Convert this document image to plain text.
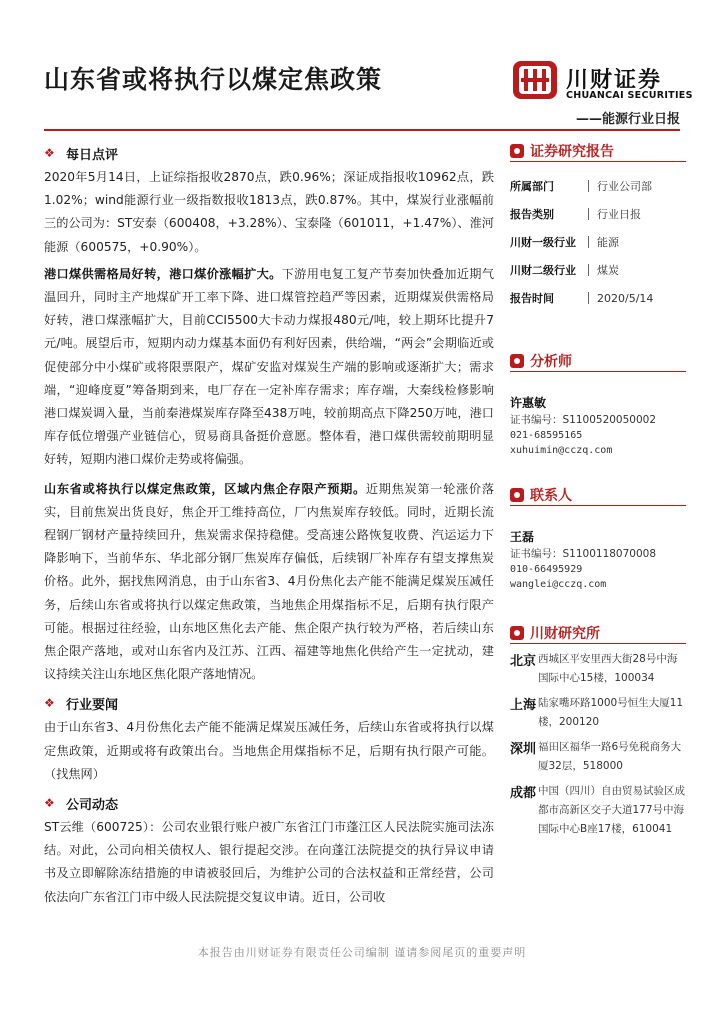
山东省或将执行以煤定焦政策	川财证券
CHUANCAI SECURITIES
——能源行业日报
❖ 每日点评

2020年5月14日，上证综指报收2870点，跌0.96%；深证成指报收10962点，跌1.02%；wind能源行业一级指数报收1813点，跌0.87%。其中，煤炭行业涨幅前三的公司为：ST安泰（600408，+3.28%）、宝泰隆（601011，+1.47%）、淮河能源（600575，+0.90%）。

港口煤供需格局好转，港口煤价涨幅扩大。下游用电复工复产节奏加快叠加近期气温回升，同时主产地煤矿开工率下降、进口煤管控趋严等因素，近期煤炭供需格局好转，港口煤涨幅扩大，目前CCI5500大卡动力煤报480元/吨，较上期环比提升7元/吨。展望后市，短期内动力煤基本面仍有利好因素，供给端，“两会”会期临近或促使部分中小煤矿或将限票限产，煤矿安监对煤炭生产端的影响或逐渐扩大；需求端，“迎峰度夏”筹备期到来，电厂存在一定补库存需求；库存端，大秦线检修影响港口煤炭调入量，当前秦港煤炭库存降至438万吨，较前期高点下降250万吨，港口库存低位增强产业链信心，贸易商具备挺价意愿。整体看，港口煤供需较前期明显好转，短期内港口煤价走势或将偏强。

山东省或将执行以煤定焦政策，区域内焦企存限产预期。近期焦炭第一轮涨价落实，目前焦炭出货良好，焦企开工维持高位，厂内焦炭库存较低。同时，近期长流程钢厂钢材产量持续回升，焦炭需求保持稳健。受高速公路恢复收费、汽运运力下降影响下，当前华东、华北部分钢厂焦炭库存偏低，后续钢厂补库存有望支撑焦炭价格。此外，据找焦网消息，由于山东省3、4月份焦化去产能不能满足煤炭压减任务，后续山东省或将执行以煤定焦政策，当地焦企用煤指标不足，后期有执行限产可能。根据过往经验，山东地区焦化去产能、焦企限产执行较为严格，若后续山东焦企限产落地，或对山东省内及江苏、江西、福建等地焦化供给产生一定扰动，建议持续关注山东地区焦化限产落地情况。

❖ 行业要闻

由于山东省3、4月份焦化去产能不能满足煤炭压减任务，后续山东省或将执行以煤定焦政策，近期或将有政策出台。当地焦企用煤指标不足，后期有执行限产可能。（找焦网）

❖ 公司动态

ST云维（600725）：公司农业银行账户被广东省江门市蓬江区人民法院实施司法冻结。对此，公司向相关债权人、银行提起交涉。在向蓬江法院提交的执行异议申请书及立即解除冻结措施的申请被驳回后，为维护公司的合法权益和正常经营，公司依法向广东省江门市中级人民法院提交复议申请。近日，公司收

证券研究报告
所属部门	行业公司部
报告类别	行业日报
川财一级行业	能源
川财二级行业	煤炭
报告时间	2020/5/14
分析师
许惠敏
证书编号：S1100520050002
021-68595165
xuhuimin@cczq.com
联系人
王磊
证书编号：S1100118070008
010-66495929
wanglei@cczq.com
川财研究所
北京 西城区平安里西大街28号中海国际中心15楼，100034
上海 陆家嘴环路1000号恒生大厦11楼，200120
深圳 福田区福华一路6号免税商务大厦32层，518000
成都 中国（四川）自由贸易试验区成都市高新区交子大道177号中海国际中心B座17楼，610041
本报告由川财证券有限责任公司编制 谨请参阅尾页的重要声明
